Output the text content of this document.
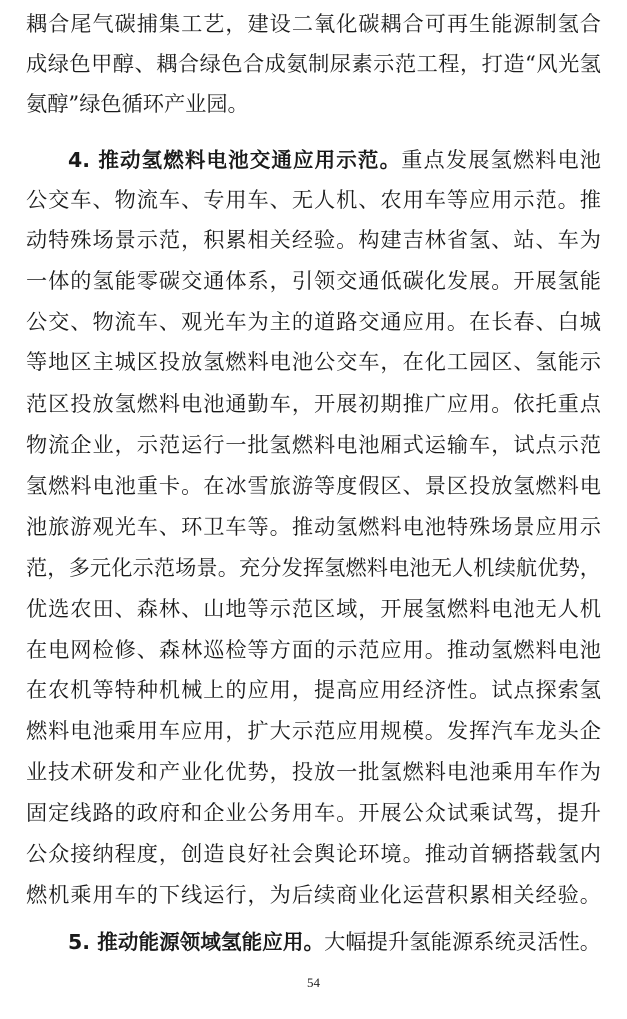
耦合尾气碳捕集工艺，建设二氧化碳耦合可再生能源制氢合
成绿色甲醇、耦合绿色合成氨制尿素示范工程，打造“风光氢
氨醇”绿色循环产业园。
4. 推动氢燃料电池交通应用示范。重点发展氢燃料电池
公交车、物流车、专用车、无人机、农用车等应用示范。推
动特殊场景示范，积累相关经验。构建吉林省氢、站、车为
一体的氢能零碳交通体系，引领交通低碳化发展。开展氢能
公交、物流车、观光车为主的道路交通应用。在长春、白城
等地区主城区投放氢燃料电池公交车，在化工园区、氢能示
范区投放氢燃料电池通勤车，开展初期推广应用。依托重点
物流企业，示范运行一批氢燃料电池厢式运输车，试点示范
氢燃料电池重卡。在冰雪旅游等度假区、景区投放氢燃料电
池旅游观光车、环卫车等。推动氢燃料电池特殊场景应用示
范，多元化示范场景。充分发挥氢燃料电池无人机续航优势，
优选农田、森林、山地等示范区域，开展氢燃料电池无人机
在电网检修、森林巡检等方面的示范应用。推动氢燃料电池
在农机等特种机械上的应用，提高应用经济性。试点探索氢
燃料电池乘用车应用，扩大示范应用规模。发挥汽车龙头企
业技术研发和产业化优势，投放一批氢燃料电池乘用车作为
固定线路的政府和企业公务用车。开展公众试乘试驾，提升
公众接纳程度，创造良好社会舆论环境。推动首辆搭载氢内
燃机乘用车的下线运行，为后续商业化运营积累相关经验。
5. 推动能源领域氢能应用。大幅提升氢能源系统灵活性。
54
